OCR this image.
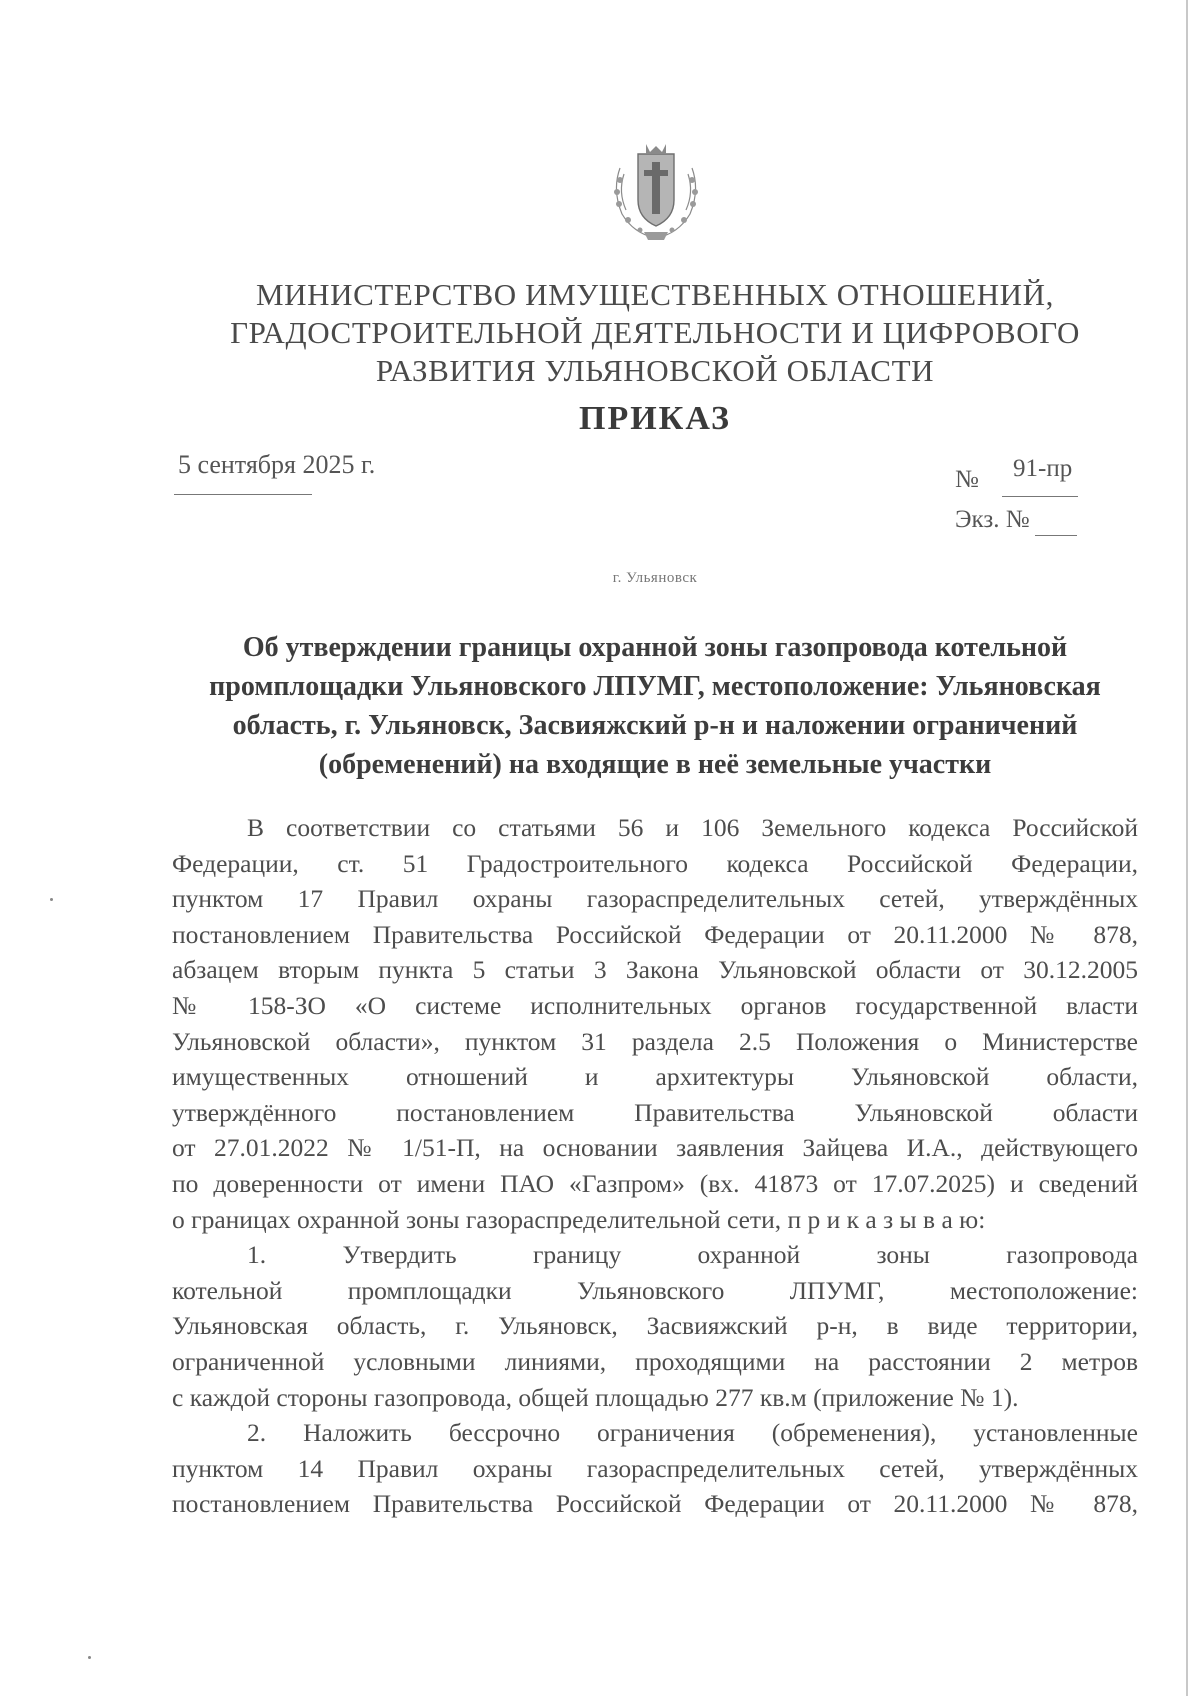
МИНИСТЕРСТВО ИМУЩЕСТВЕННЫХ ОТНОШЕНИЙ,
ГРАДОСТРОИТЕЛЬНОЙ ДЕЯТЕЛЬНОСТИ И ЦИФРОВОГО
РАЗВИТИЯ УЛЬЯНОВСКОЙ ОБЛАСТИ
ПРИКАЗ
5 сентября 2025 г.
№ 91-пр
Экз. №
г. Ульяновск
Об утверждении границы охранной зоны газопровода котельной
промплощадки Ульяновского ЛПУМГ, местоположение: Ульяновская
область, г. Ульяновск, Засвияжский р-н и наложении ограничений
(обременений) на входящие в неё земельные участки
В соответствии со статьями 56 и 106 Земельного кодекса Российской
Федерации, ст. 51 Градостроительного кодекса Российской Федерации,
пунктом 17 Правил охраны газораспределительных сетей, утверждённых
постановлением Правительства Российской Федерации от 20.11.2000 № 878,
абзацем вторым пункта 5 статьи 3 Закона Ульяновской области от 30.12.2005
№ 158-ЗО «О системе исполнительных органов государственной власти
Ульяновской области», пунктом 31 раздела 2.5 Положения о Министерстве
имущественных отношений и архитектуры Ульяновской области,
утверждённого постановлением Правительства Ульяновской области
от 27.01.2022 № 1/51-П, на основании заявления Зайцева И.А., действующего
по доверенности от имени ПАО «Газпром» (вх. 41873 от 17.07.2025) и сведений
о границах охранной зоны газораспределительной сети, п р и к а з ы в а ю:
1. Утвердить границу охранной зоны газопровода
котельной промплощадки Ульяновского ЛПУМГ, местоположение:
Ульяновская область, г. Ульяновск, Засвияжский р-н, в виде территории,
ограниченной условными линиями, проходящими на расстоянии 2 метров
с каждой стороны газопровода, общей площадью 277 кв.м (приложение № 1).
2. Наложить бессрочно ограничения (обременения), установленные
пунктом 14 Правил охраны газораспределительных сетей, утверждённых
постановлением Правительства Российской Федерации от 20.11.2000 № 878,
